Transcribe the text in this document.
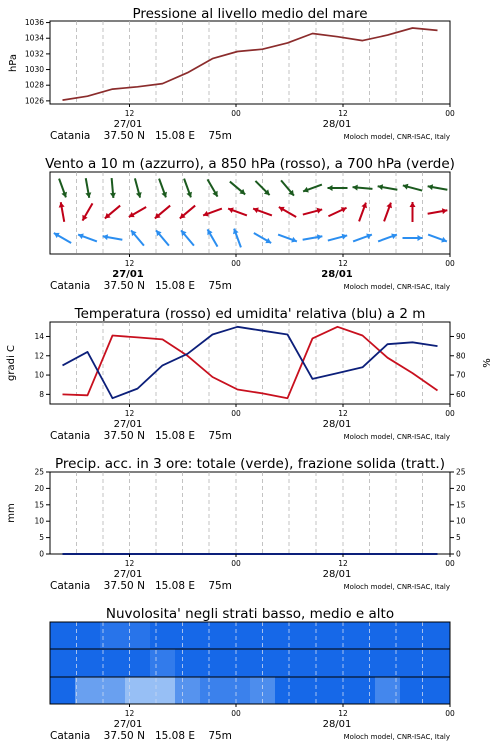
Pressione al livello medio del mare
hPa
1026
1028
1030
1032
1034
1036
12	00	12	00
27/01	28/01
Catania    37.50 N   15.08 E    75m	Moloch model, CNR-ISAC, Italy
Vento a 10 m (azzurro), a 850 hPa (rosso), a 700 hPa (verde)
12	00	12	00
27/01	28/01
Catania    37.50 N   15.08 E    75m	Moloch model, CNR-ISAC, Italy
Temperatura (rosso) ed umidita' relativa (blu) a 2 m
gradi C	%
8
10
12
14
60
70
80
90
12	00	12	00
27/01	28/01
Catania    37.50 N   15.08 E    75m	Moloch model, CNR-ISAC, Italy
Precip. acc. in 3 ore: totale (verde), frazione solida (tratt.)
mm
0
5
10
15
20
25
0
5
10
15
20
25
12	00	12	00
27/01	28/01
Catania    37.50 N   15.08 E    75m	Moloch model, CNR-ISAC, Italy
Nuvolosita' negli strati basso, medio e alto
12	00	12	00
27/01	28/01
Catania    37.50 N   15.08 E    75m	Moloch model, CNR-ISAC, Italy
